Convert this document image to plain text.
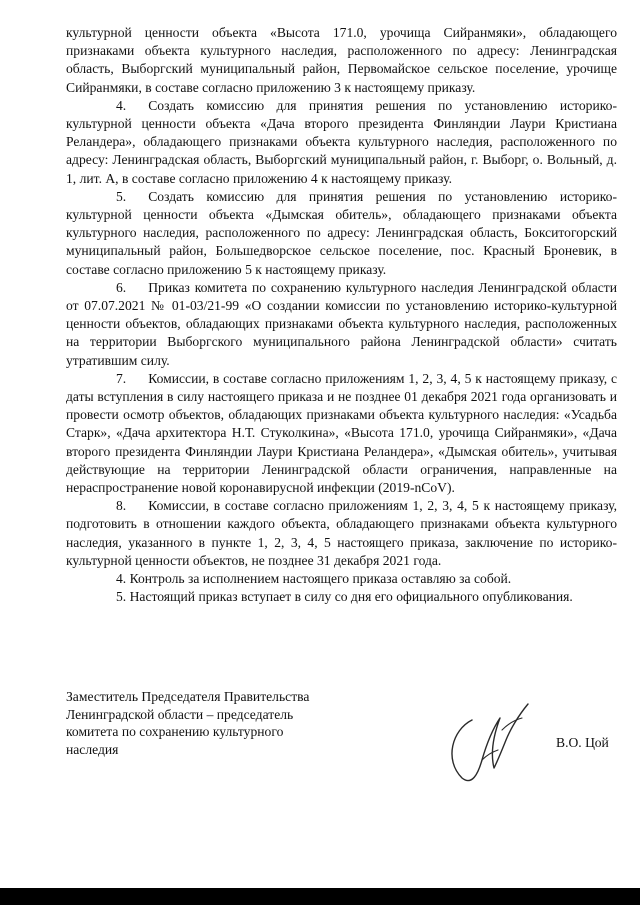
культурной ценности объекта «Высота 171.0, урочища Сийранмяки», обладающего признаками объекта культурного наследия, расположенного по адресу: Ленинградская область, Выборгский муниципальный район, Первомайское сельское поселение, урочище Сийранмяки, в составе согласно приложению 3 к настоящему приказу.

4. Создать комиссию для принятия решения по установлению историко-культурной ценности объекта «Дача второго президента Финляндии Лаури Кристиана Реландера», обладающего признаками объекта культурного наследия, расположенного по адресу: Ленинградская область, Выборгский муниципальный район, г. Выборг, о. Вольный, д. 1, лит. А, в составе согласно приложению 4 к настоящему приказу.

5. Создать комиссию для принятия решения по установлению историко-культурной ценности объекта «Дымская обитель», обладающего признаками объекта культурного наследия, расположенного по адресу: Ленинградская область, Бокситогорский муниципальный район, Большедворское сельское поселение, пос. Красный Броневик, в составе согласно приложению 5 к настоящему приказу.

6. Приказ комитета по сохранению культурного наследия Ленинградской области от 07.07.2021 № 01-03/21-99 «О создании комиссии по установлению историко-культурной ценности объектов, обладающих признаками объекта культурного наследия, расположенных на территории Выборгского муниципального района Ленинградской области» считать утратившим силу.

7. Комиссии, в составе согласно приложениям 1, 2, 3, 4, 5 к настоящему приказу, с даты вступления в силу настоящего приказа и не позднее 01 декабря 2021 года организовать и провести осмотр объектов, обладающих признаками объекта культурного наследия: «Усадьба Старк», «Дача архитектора Н.Т. Стуколкина», «Высота 171.0, урочища Сийранмяки», «Дача второго президента Финляндии Лаури Кристиана Реландера», «Дымская обитель», учитывая действующие на территории Ленинградской области ограничения, направленные на нераспространение новой коронавирусной инфекции (2019-nCoV).

8. Комиссии, в составе согласно приложениям 1, 2, 3, 4, 5 к настоящему приказу, подготовить в отношении каждого объекта, обладающего признаками объекта культурного наследия, указанного в пункте 1, 2, 3, 4, 5 настоящего приказа, заключение по историко-культурной ценности объектов, не позднее 31 декабря 2021 года.

4. Контроль за исполнением настоящего приказа оставляю за собой.

5. Настоящий приказ вступает в силу со дня его официального опубликования.

Заместитель Председателя Правительства
Ленинградской области – председатель
комитета по сохранению культурного
наследия	В.О. Цой
